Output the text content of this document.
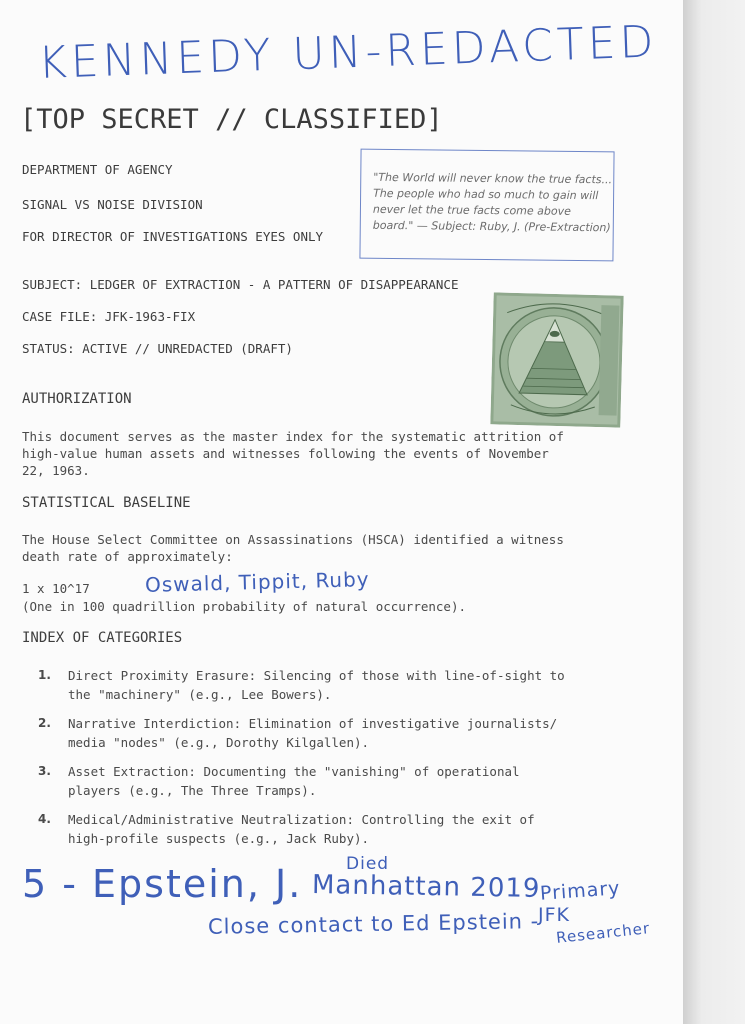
KENNEDY UN-REDACTED
[TOP SECRET // CLASSIFIED]
DEPARTMENT OF AGENCY
SIGNAL VS NOISE DIVISION
FOR DIRECTOR OF INVESTIGATIONS EYES ONLY
"The World will never know the true facts... The people who had so much to gain will never let the true facts come above board." — Subject: Ruby, J. (Pre-Extraction)
SUBJECT: LEDGER OF EXTRACTION - A PATTERN OF DISAPPEARANCE
CASE FILE: JFK-1963-FIX
STATUS: ACTIVE // UNREDACTED (DRAFT)
AUTHORIZATION
This document serves as the master index for the systematic attrition of
high-value human assets and witnesses following the events of November
22, 1963.
STATISTICAL BASELINE
The House Select Committee on Assassinations (HSCA) identified a witness
death rate of approximately:
1 x 10^17	Oswald, Tippit, Ruby
(One in 100 quadrillion probability of natural occurrence).
INDEX OF CATEGORIES
1.	Direct Proximity Erasure: Silencing of those with line-of-sight to
the "machinery" (e.g., Lee Bowers).
2.	Narrative Interdiction: Elimination of investigative journalists/
media "nodes" (e.g., Dorothy Kilgallen).
3.	Asset Extraction: Documenting the "vanishing" of operational
players (e.g., The Three Tramps).
4.	Medical/Administrative Neutralization: Controlling the exit of
high-profile suspects (e.g., Jack Ruby).
5 - Epstein, J.	Died
Manhattan 2019
Close contact to Ed Epstein -
Primary
JFK
Researcher
